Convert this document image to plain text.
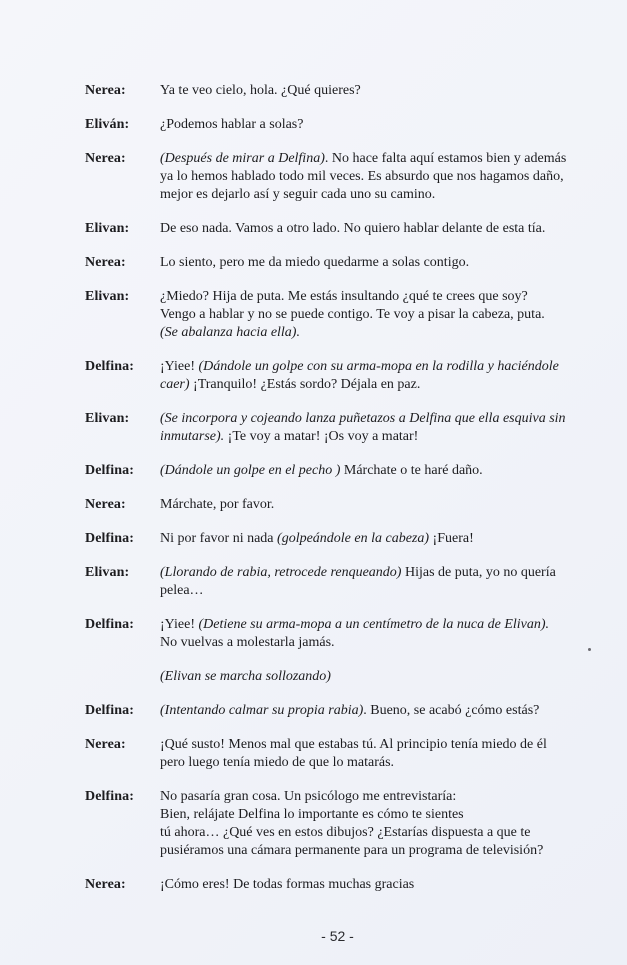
Nerea:	Ya te veo cielo, hola. ¿Qué quieres?
Eliván:	¿Podemos hablar a solas?
Nerea:	(Después de mirar a Delfina). No hace falta aquí estamos bien y además
ya lo hemos hablado todo mil veces. Es absurdo que nos hagamos daño,
mejor es dejarlo así y seguir cada uno su camino.
Elivan:	De eso nada. Vamos a otro lado. No quiero hablar delante de esta tía.
Nerea:	Lo siento, pero me da miedo quedarme a solas contigo.
Elivan:	¿Miedo? Hija de puta. Me estás insultando ¿qué te crees que soy?
Vengo a hablar y no se puede contigo. Te voy a pisar la cabeza, puta.
(Se abalanza hacia ella).
Delfina:	¡Yiee! (Dándole un golpe con su arma-mopa en la rodilla y haciéndole
caer) ¡Tranquilo! ¿Estás sordo? Déjala en paz.
Elivan:	(Se incorpora y cojeando lanza puñetazos a Delfina que ella esquiva sin
inmutarse). ¡Te voy a matar! ¡Os voy a matar!
Delfina:	(Dándole un golpe en el pecho ) Márchate o te haré daño.
Nerea:	Márchate, por favor.
Delfina:	Ni por favor ni nada (golpeándole en la cabeza) ¡Fuera!
Elivan:	(Llorando de rabia, retrocede renqueando) Hijas de puta, yo no quería
pelea…
Delfina:	¡Yiee! (Detiene su arma-mopa a un centímetro de la nuca de Elivan).
No vuelvas a molestarla jamás.
(Elivan se marcha sollozando)
Delfina:	(Intentando calmar su propia rabia). Bueno, se acabó ¿cómo estás?
Nerea:	¡Qué susto! Menos mal que estabas tú. Al principio tenía miedo de él
pero luego tenía miedo de que lo matarás.
Delfina:	No pasaría gran cosa. Un psicólogo me entrevistaría:
Bien, relájate Delfina lo importante es cómo te sientes
tú ahora… ¿Qué ves en estos dibujos? ¿Estarías dispuesta a que te
pusiéramos una cámara permanente para un programa de televisión?
Nerea:	¡Cómo eres! De todas formas muchas gracias
- 52 -
